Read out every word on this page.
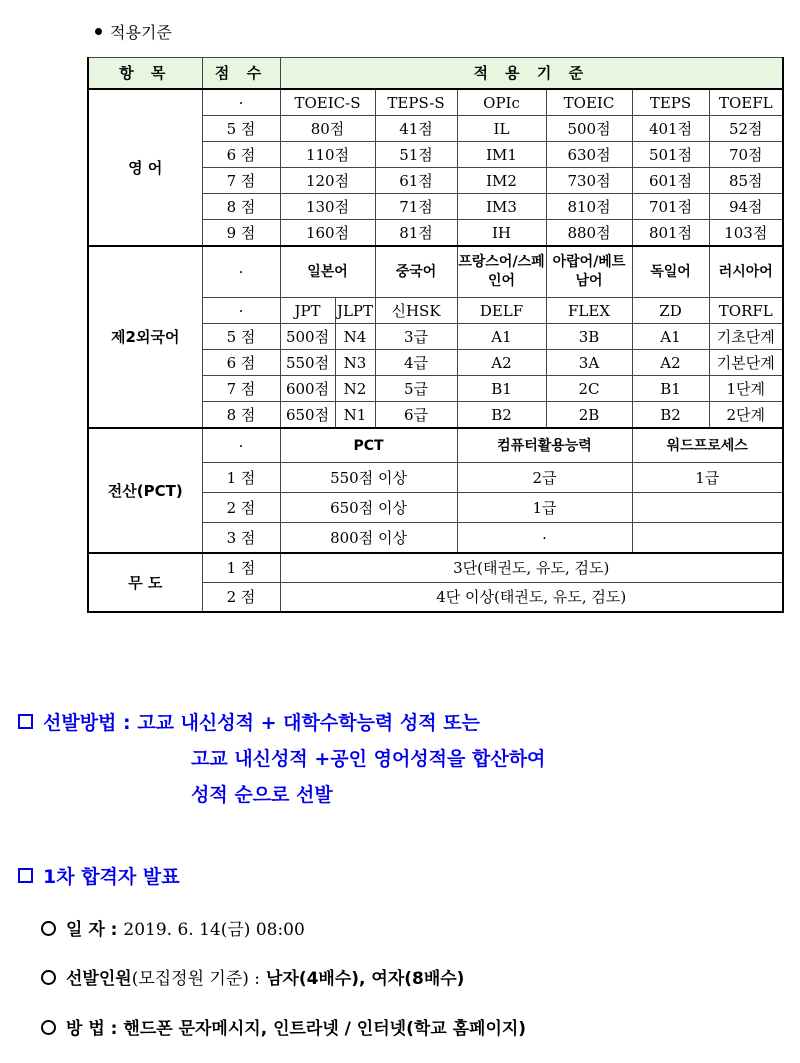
적용기준
항 목	점 수	적 용 기 준						
영 어	·	TOEIC-S		TEPS-S	OPIc	TOEIC	TEPS	TOEFL
	5 점	80점		41점	IL	500점	401점	52점
	6 점	110점		51점	IM1	630점	501점	70점
	7 점	120점		61점	IM2	730점	601점	85점
	8 점	130점		71점	IM3	810점	701점	94점
	9 점	160점		81점	IH	880점	801점	103점
제2외국어	·	일본어		중국어	프랑스어/스페인어	아랍어/베트남어	독일어	러시아어
	·	JPT	JLPT	신HSK	DELF	FLEX	ZD	TORFL
	5 점	500점	N4	3급	A1	3B	A1	기초단계
	6 점	550점	N3	4급	A2	3A	A2	기본단계
	7 점	600점	N2	5급	B1	2C	B1	1단계
	8 점	650점	N1	6급	B2	2B	B2	2단계
전산(PCT)	·	PCT			컴퓨터활용능력		워드프로세스	
	1 점	550점 이상			2급		1급	
	2 점	650점 이상			1급			
	3 점	800점 이상			·			
무 도	1 점	3단(태권도, 유도, 검도)						
	2 점	4단 이상(태권도, 유도, 검도)						
선발방법 : 고교 내신성적 + 대학수학능력 성적 또는
고교 내신성적 +공인 영어성적을 합산하여
성적 순으로 선발
1차 합격자 발표
일 자 : 2019. 6. 14(금) 08:00
선발인원(모집정원 기준) : 남자(4배수), 여자(8배수)
방 법 : 핸드폰 문자메시지, 인트라넷 / 인터넷(학교 홈페이지)
